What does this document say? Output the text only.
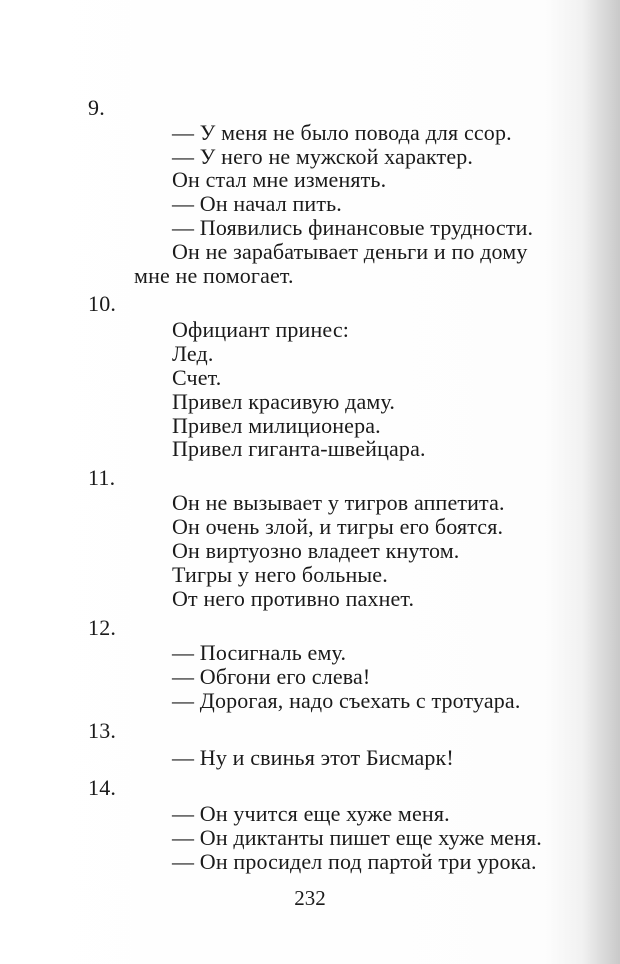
9.
— У меня не было повода для ссор.
— У него не мужской характер.
Он стал мне изменять.
— Он начал пить.
— Появились финансовые трудности.
Он не зарабатывает деньги и по дому
мне не помогает.
10.
Официант принес:
Лед.
Счет.
Привел красивую даму.
Привел милиционера.
Привел гиганта-швейцара.
11.
Он не вызывает у тигров аппетита.
Он очень злой, и тигры его боятся.
Он виртуозно владеет кнутом.
Тигры у него больные.
От него противно пахнет.
12.
— Посигналь ему.
— Обгони его слева!
— Дорогая, надо съехать с тротуара.
13.
— Ну и свинья этот Бисмарк!
14.
— Он учится еще хуже меня.
— Он диктанты пишет еще хуже меня.
— Он просидел под партой три урока.
232
